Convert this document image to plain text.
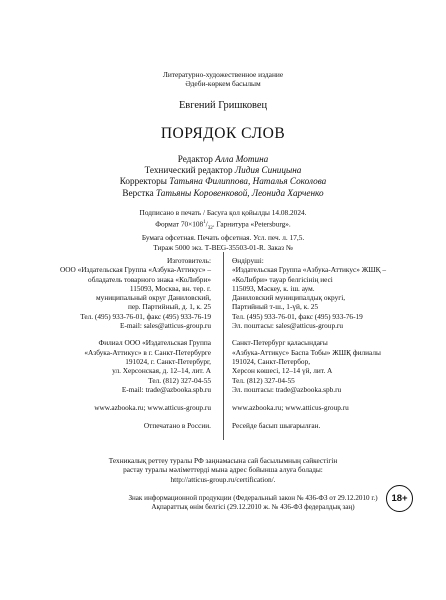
Литературно-художественное издание
Әдеби-көркем басылым
Евгений Гришковец
ПОРЯДОК СЛОВ
Редактор Алла Мотина
Технический редактор Лидия Синицына
Корректоры Татьяна Филиппова, Наталья Соколова
Верстка Татьяны Коровенковой, Леонида Харченко
Подписано в печать / Басуға қол қойылды 14.08.2024.
Формат $70\times 108^1/_{32}$. Гарнитура «Petersburg».
Бумага офсетная. Печать офсетная. Усл. печ. л. 17,5.
Тираж 5000 экз. Т-BEG-35503-01-R. Заказ №
Изготовитель:
ООО «Издательская Группа «Азбука-Аттикус» –
обладатель товарного знака «КоЛибри»
115093, Москва, вн. тер. г.
муниципальный округ Даниловский,
пер. Партийный, д. 1, к. 25
Тел. (495) 933-76-01, факс (495) 933-76-19
E-mail: sales@atticus-group.ru
Филиал ООО «Издательская Группа
«Азбука-Аттикус» в г. Санкт-Петербурге
191024, г. Санкт-Петербург,
ул. Херсонская, д. 12–14, лит. А
Тел. (812) 327-04-55
E-mail: trade@azbooka.spb.ru
www.azbooka.ru; www.atticus-group.ru
Отпечатано в России.
Өндіруші:
«Издательская Группа «Азбука-Аттикус» ЖШҚ –
«КоЛибри» тауар белгісінің иесі
115093, Мәскеу, к. іш. аум.
Даниловский муниципалдық округі,
Партийный т-ш., 1-үй, к. 25
Тел. (495) 933-76-01, факс (495) 933-76-19
Эл. поштасы: sales@atticus-group.ru
Санкт-Петербург қаласындағы
«Азбука-Аттикус» Баспа Тобы» ЖШҚ филиалы
191024, Санкт-Петербор,
Херсон көшесі, 12–14 үй, лит. А
Тел. (812) 327-04-55
Эл. поштасы: trade@azbooka.spb.ru
www.azbooka.ru; www.atticus-group.ru
Ресейде басып шығарылған.
Техникалық реттеу туралы РФ заңнамасына сай басылымның сәйкестігін
растау туралы мәліметтерді мына адрес бойынша алуға болады:
http://atticus-group.ru/certification/.
Знак информационной продукции (Федеральный закон № 436-ФЗ от 29.12.2010 г.)
Ақпараттық өнім белгісі (29.12.2010 ж. № 436-ФЗ федералдық заң)
18+
